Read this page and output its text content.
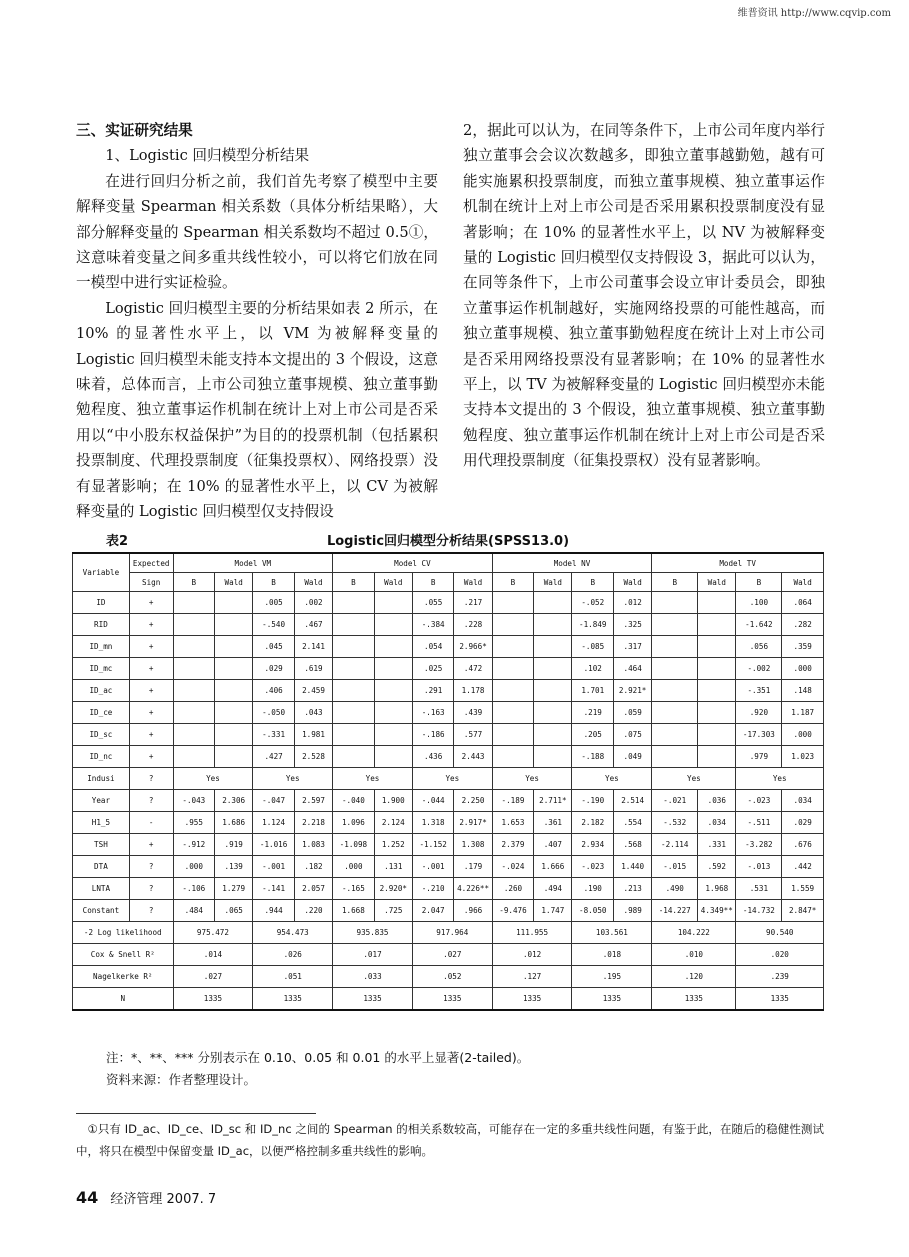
维普资讯 http://www.cqvip.com

三、实证研究结果

1、Logistic 回归模型分析结果

在进行回归分析之前，我们首先考察了模型中主要解释变量 Spearman 相关系数（具体分析结果略），大部分解释变量的 Spearman 相关系数均不超过 0.5①，这意味着变量之间多重共线性较小，可以将它们放在同一模型中进行实证检验。

Logistic 回归模型主要的分析结果如表 2 所示，在 10% 的显著性水平上，以 VM 为被解释变量的 Logistic 回归模型未能支持本文提出的 3 个假设，这意味着，总体而言，上市公司独立董事规模、独立董事勤勉程度、独立董事运作机制在统计上对上市公司是否采用以“中小股东权益保护”为目的的投票机制（包括累积投票制度、代理投票制度（征集投票权）、网络投票）没有显著影响；在 10% 的显著性水平上，以 CV 为被解释变量的 Logistic 回归模型仅支持假设

2，据此可以认为，在同等条件下，上市公司年度内举行独立董事会会议次数越多，即独立董事越勤勉，越有可能实施累积投票制度，而独立董事规模、独立董事运作机制在统计上对上市公司是否采用累积投票制度没有显著影响；在 10% 的显著性水平上，以 NV 为被解释变量的 Logistic 回归模型仅支持假设 3，据此可以认为，在同等条件下，上市公司董事会设立审计委员会，即独立董事运作机制越好，实施网络投票的可能性越高，而独立董事规模、独立董事勤勉程度在统计上对上市公司是否采用网络投票没有显著影响；在 10% 的显著性水平上，以 TV 为被解释变量的 Logistic 回归模型亦未能支持本文提出的 3 个假设，独立董事规模、独立董事勤勉程度、独立董事运作机制在统计上对上市公司是否采用代理投票制度（征集投票权）没有显著影响。

表2	Logistic回归模型分析结果(SPSS13.0)
Variable	Expected	Model VM				Model CV				Model NV				Model TV			
	Sign	B	Wald	B	Wald	B	Wald	B	Wald	B	Wald	B	Wald	B	Wald	B	Wald
ID	+			.005	.002			.055	.217			-.052	.012			.100	.064
RID	+			-.540	.467			-.384	.228			-1.849	.325			-1.642	.282
ID_mn	+			.045	2.141			.054	2.966*			-.085	.317			.056	.359
ID_mc	+			.029	.619			.025	.472			.102	.464			-.002	.000
ID_ac	+			.406	2.459			.291	1.178			1.701	2.921*			-.351	.148
ID_ce	+			-.050	.043			-.163	.439			.219	.059			.920	1.187
ID_sc	+			-.331	1.981			-.186	.577			.205	.075			-17.303	.000
ID_nc	+			.427	2.528			.436	2.443			-.188	.049			.979	1.023
Indusi	?	Yes		Yes		Yes		Yes		Yes		Yes		Yes		Yes	
Year	?	-.043	2.306	-.047	2.597	-.040	1.900	-.044	2.250	-.189	2.711*	-.190	2.514	-.021	.036	-.023	.034
H1_5	-	.955	1.686	1.124	2.218	1.096	2.124	1.318	2.917*	1.653	.361	2.182	.554	-.532	.034	-.511	.029
TSH	+	-.912	.919	-1.016	1.083	-1.098	1.252	-1.152	1.308	2.379	.407	2.934	.568	-2.114	.331	-3.282	.676
DTA	?	.000	.139	-.001	.182	.000	.131	-.001	.179	-.024	1.666	-.023	1.440	-.015	.592	-.013	.442
LNTA	?	-.106	1.279	-.141	2.057	-.165	2.920*	-.210	4.226**	.260	.494	.190	.213	.490	1.968	.531	1.559
Constant	?	.484	.065	.944	.220	1.668	.725	2.047	.966	-9.476	1.747	-8.050	.989	-14.227	4.349**	-14.732	2.847*
-2 Log likelihood		975.472		954.473		935.835		917.964		111.955		103.561		104.222		90.540	
Cox & Snell R²		.014		.026		.017		.027		.012		.018		.010		.020	
Nagelkerke R²		.027		.051		.033		.052		.127		.195		.120		.239	
N		1335		1335		1335		1335		1335		1335		1335		1335	
注：*、**、*** 分别表示在 0.10、0.05 和 0.01 的水平上显著(2-tailed)。
资料来源：作者整理设计。

①只有 ID_ac、ID_ce、ID_sc 和 ID_nc 之间的 Spearman 的相关系数较高，可能存在一定的多重共线性问题，有鉴于此，在随后的稳健性测试中，将只在模型中保留变量 ID_ac，以便严格控制多重共线性的影响。

44 经济管理 2007. 7
